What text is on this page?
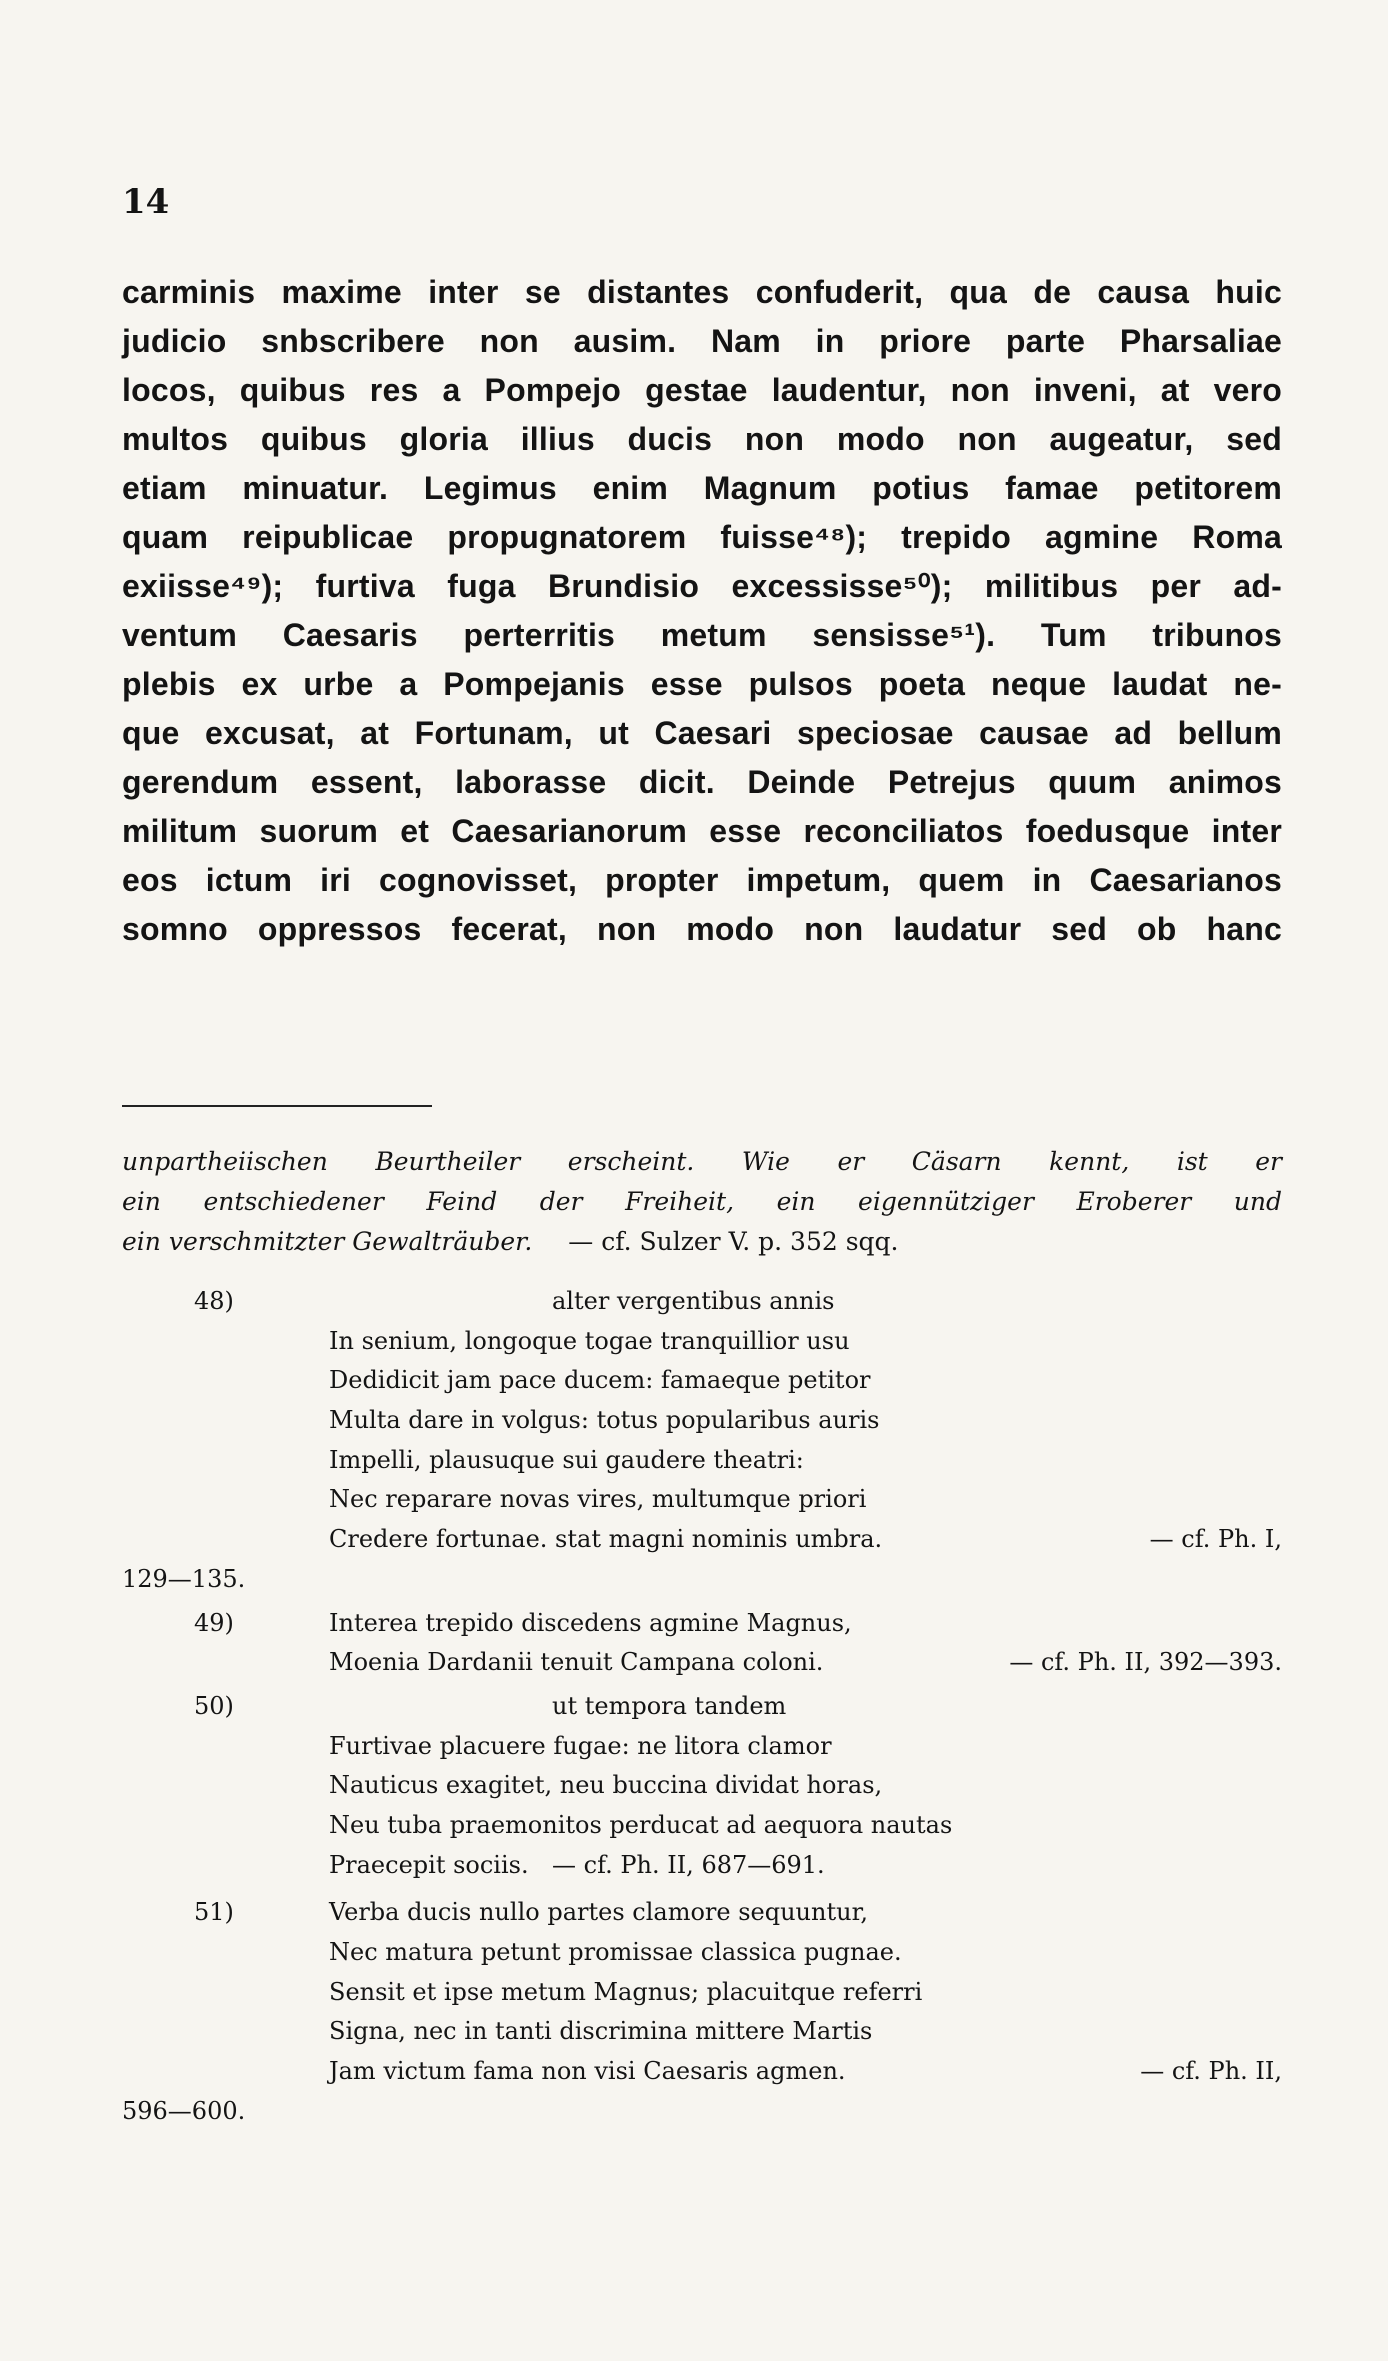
14
carminis maxime inter se distantes confuderit, qua de causa huic
judicio snbscribere non ausim. Nam in priore parte Pharsaliae
locos, quibus res a Pompejo gestae laudentur, non inveni, at vero
multos quibus gloria illius ducis non modo non augeatur, sed
etiam minuatur. Legimus enim Magnum potius famae petitorem
quam reipublicae propugnatorem fuisse⁴⁸); trepido agmine Roma
exiisse⁴⁹); furtiva fuga Brundisio excessisse⁵⁰); militibus per ad-
ventum Caesaris perterritis metum sensisse⁵¹). Tum tribunos
plebis ex urbe a Pompejanis esse pulsos poeta neque laudat ne-
que excusat, at Fortunam, ut Caesari speciosae causae ad bellum
gerendum essent, laborasse dicit. Deinde Petrejus quum animos
militum suorum et Caesarianorum esse reconciliatos foedusque inter
eos ictum iri cognovisset, propter impetum, quem in Caesarianos
somno oppressos fecerat, non modo non laudatur sed ob hanc
unpartheiischen Beurtheiler erscheint. Wie er Cäsarn kennt, ist er
ein entschiedener Feind der Freiheit, ein eigennütziger Eroberer und
ein verschmitzter Gewalträuber. — cf. Sulzer V. p. 352 sqq.
48)	alter vergentibus annis
In senium, longoque togae tranquillior usu
Dedidicit jam pace ducem: famaeque petitor
Multa dare in volgus: totus popularibus auris
Impelli, plausuque sui gaudere theatri:
Nec reparare novas vires, multumque priori
Credere fortunae. stat magni nominis umbra.	— cf. Ph. I,
129—135.
49)	Interea trepido discedens agmine Magnus,
Moenia Dardanii tenuit Campana coloni.	— cf. Ph. II, 392—393.
50)	ut tempora tandem
Furtivae placuere fugae: ne litora clamor
Nauticus exagitet, neu buccina dividat horas,
Neu tuba praemonitos perducat ad aequora nautas
Praecepit sociis. — cf. Ph. II, 687—691.
51)	Verba ducis nullo partes clamore sequuntur,
Nec matura petunt promissae classica pugnae.
Sensit et ipse metum Magnus; placuitque referri
Signa, nec in tanti discrimina mittere Martis
Jam victum fama non visi Caesaris agmen.	— cf. Ph. II,
596—600.
